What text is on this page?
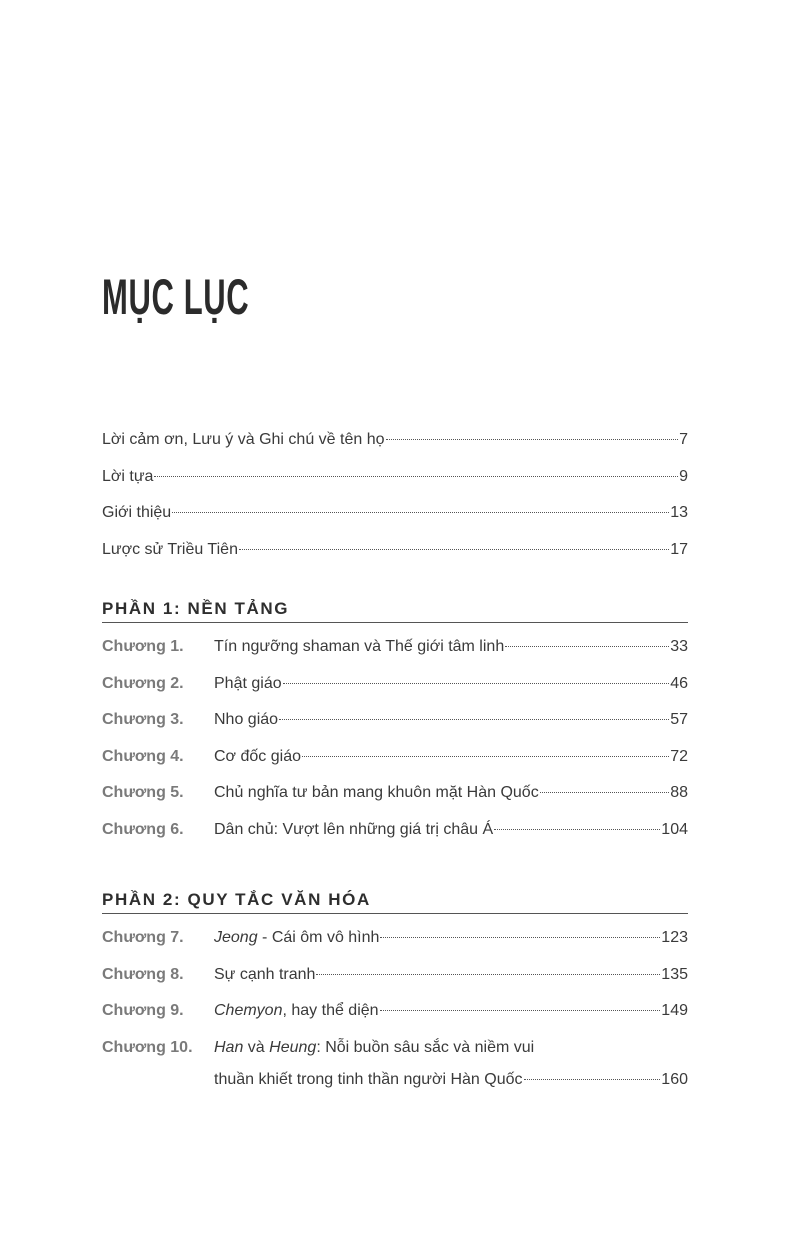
MỤC LỤC
Lời cảm ơn, Lưu ý và Ghi chú về tên họ	7
Lời tựa	9
Giới thiệu	13
Lược sử Triều Tiên	17
PHẦN 1: NỀN TẢNG
Chương 1.	Tín ngưỡng shaman và Thế giới tâm linh	33
Chương 2.	Phật giáo	46
Chương 3.	Nho giáo	57
Chương 4.	Cơ đốc giáo	72
Chương 5.	Chủ nghĩa tư bản mang khuôn mặt Hàn Quốc	88
Chương 6.	Dân chủ: Vượt lên những giá trị châu Á	104
PHẦN 2: QUY TẮC VĂN HÓA
Chương 7.	Jeong - Cái ôm vô hình	123
Chương 8.	Sự cạnh tranh	135
Chương 9.	Chemyon, hay thể diện	149
Chương 10.	Han và Heung: Nỗi buồn sâu sắc và niềm vui
thuần khiết trong tinh thần người Hàn Quốc	160
